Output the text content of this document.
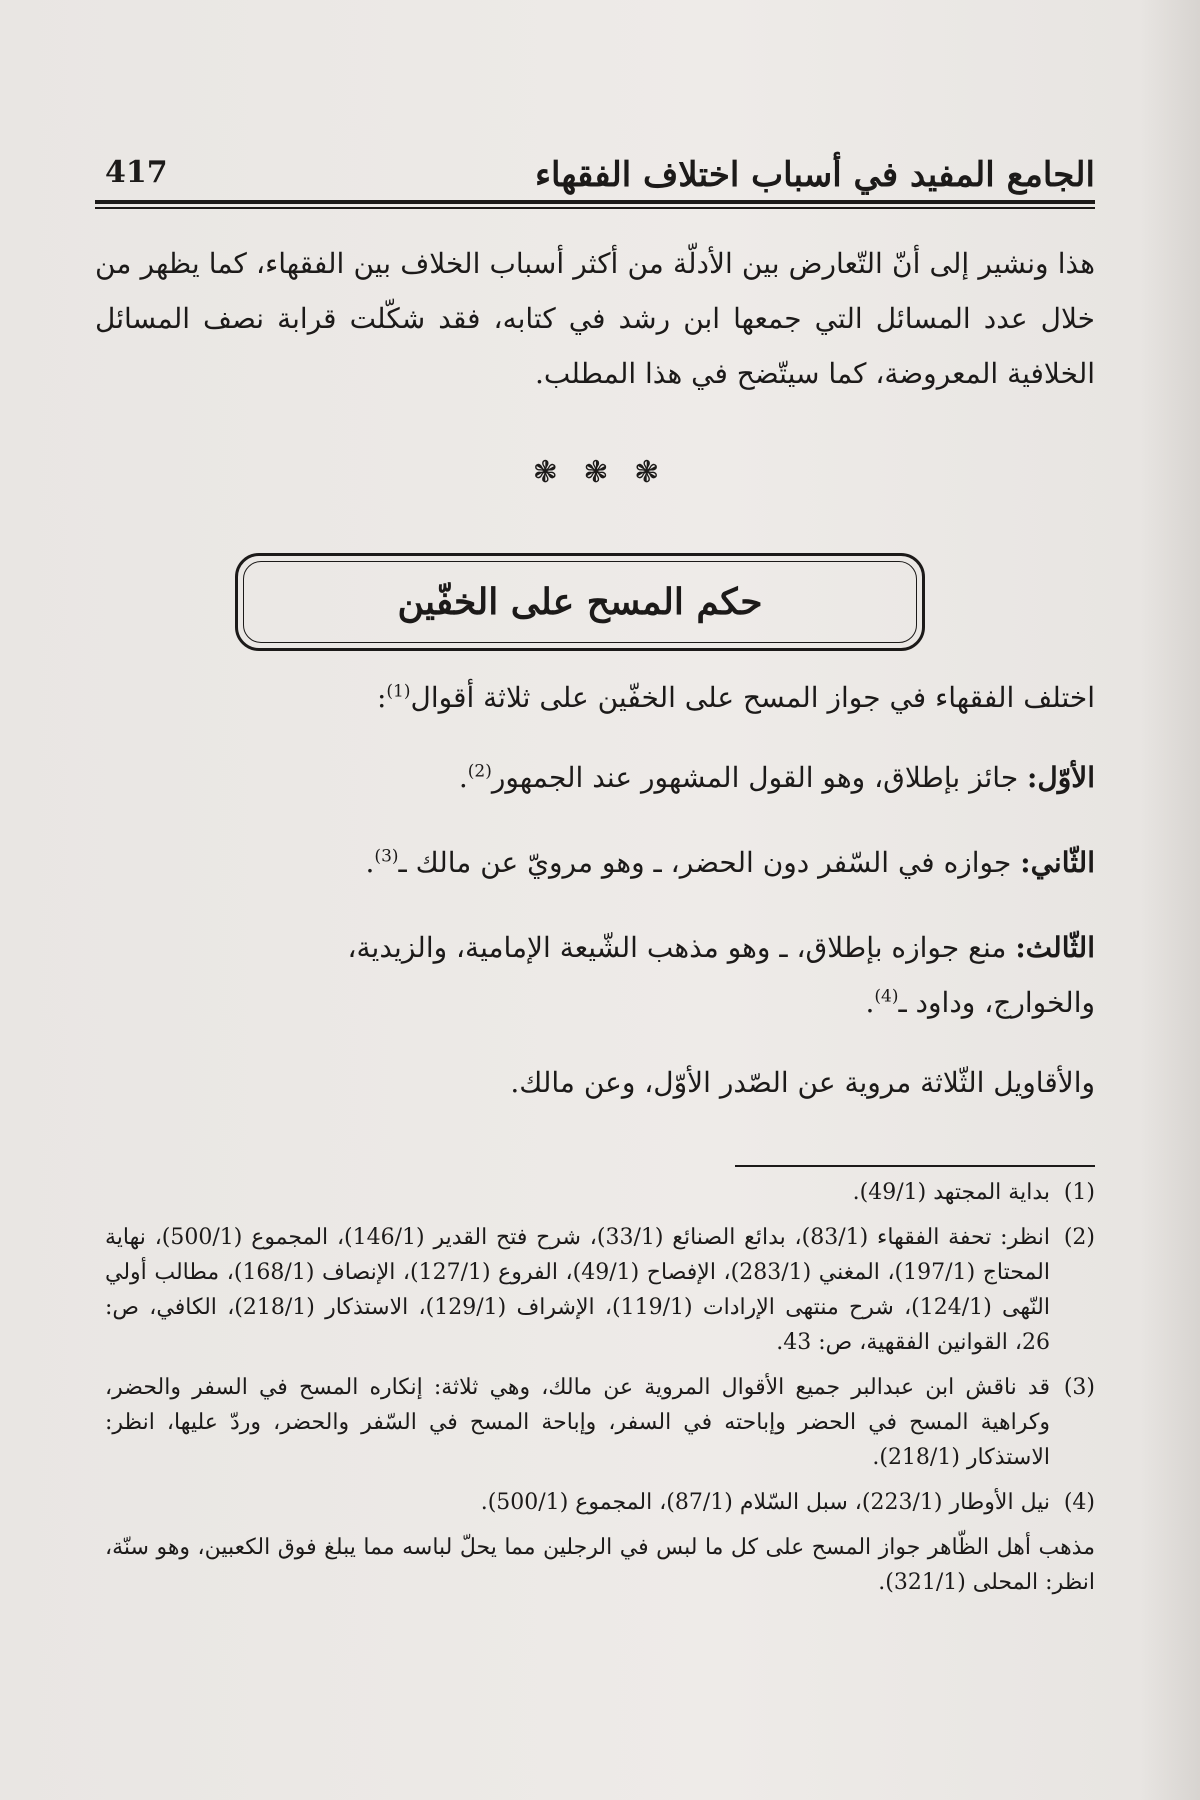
الجامع المفيد في أسباب اختلاف الفقهاء
417

هذا ونشير إلى أنّ التّعارض بين الأدلّة من أكثر أسباب الخلاف بين الفقهاء، كما يظهر من خلال عدد المسائل التي جمعها ابن رشد في كتابه، فقد شكّلت قرابة نصف المسائل الخلافية المعروضة، كما سيتّضح في هذا المطلب.

❃ ❃ ❃
حكم المسح على الخفّين

اختلف الفقهاء في جواز المسح على الخفّين على ثلاثة أقوال$^{(1)}$:

الأوّل: جائز بإطلاق، وهو القول المشهور عند الجمهور$^{(2)}$.

الثّاني: جوازه في السّفر دون الحضر، ـ وهو مرويّ عن مالك ـ$^{(3)}$.

الثّالث: منع جوازه بإطلاق، ـ وهو مذهب الشّيعة الإمامية، والزيدية،
والخوارج، وداود ـ$^{(4)}$.

والأقاويل الثّلاثة مروية عن الصّدر الأوّل، وعن مالك.

(1)
بداية المجتهد (49/1).
(2)
انظر: تحفة الفقهاء (83/1)، بدائع الصنائع (33/1)، شرح فتح القدير (146/1)، المجموع (500/1)، نهاية المحتاج (197/1)، المغني (283/1)، الإفصاح (49/1)، الفروع (127/1)، الإنصاف (168/1)، مطالب أولي النّهى (124/1)، شرح منتهى الإرادات (119/1)، الإشراف (129/1)، الاستذكار (218/1)، الكافي، ص: 26، القوانين الفقهية، ص: 43.
(3)
قد ناقش ابن عبدالبر جميع الأقوال المروية عن مالك، وهي ثلاثة: إنكاره المسح في السفر والحضر، وكراهية المسح في الحضر وإباحته في السفر، وإباحة المسح في السّفر والحضر، وردّ عليها، انظر: الاستذكار (218/1).
(4)
نيل الأوطار (223/1)، سبل السّلام (87/1)، المجموع (500/1).
مذهب أهل الظّاهر جواز المسح على كل ما لبس في الرجلين مما يحلّ لباسه مما يبلغ فوق الكعبين، وهو سنّة، انظر: المحلى (321/1).
